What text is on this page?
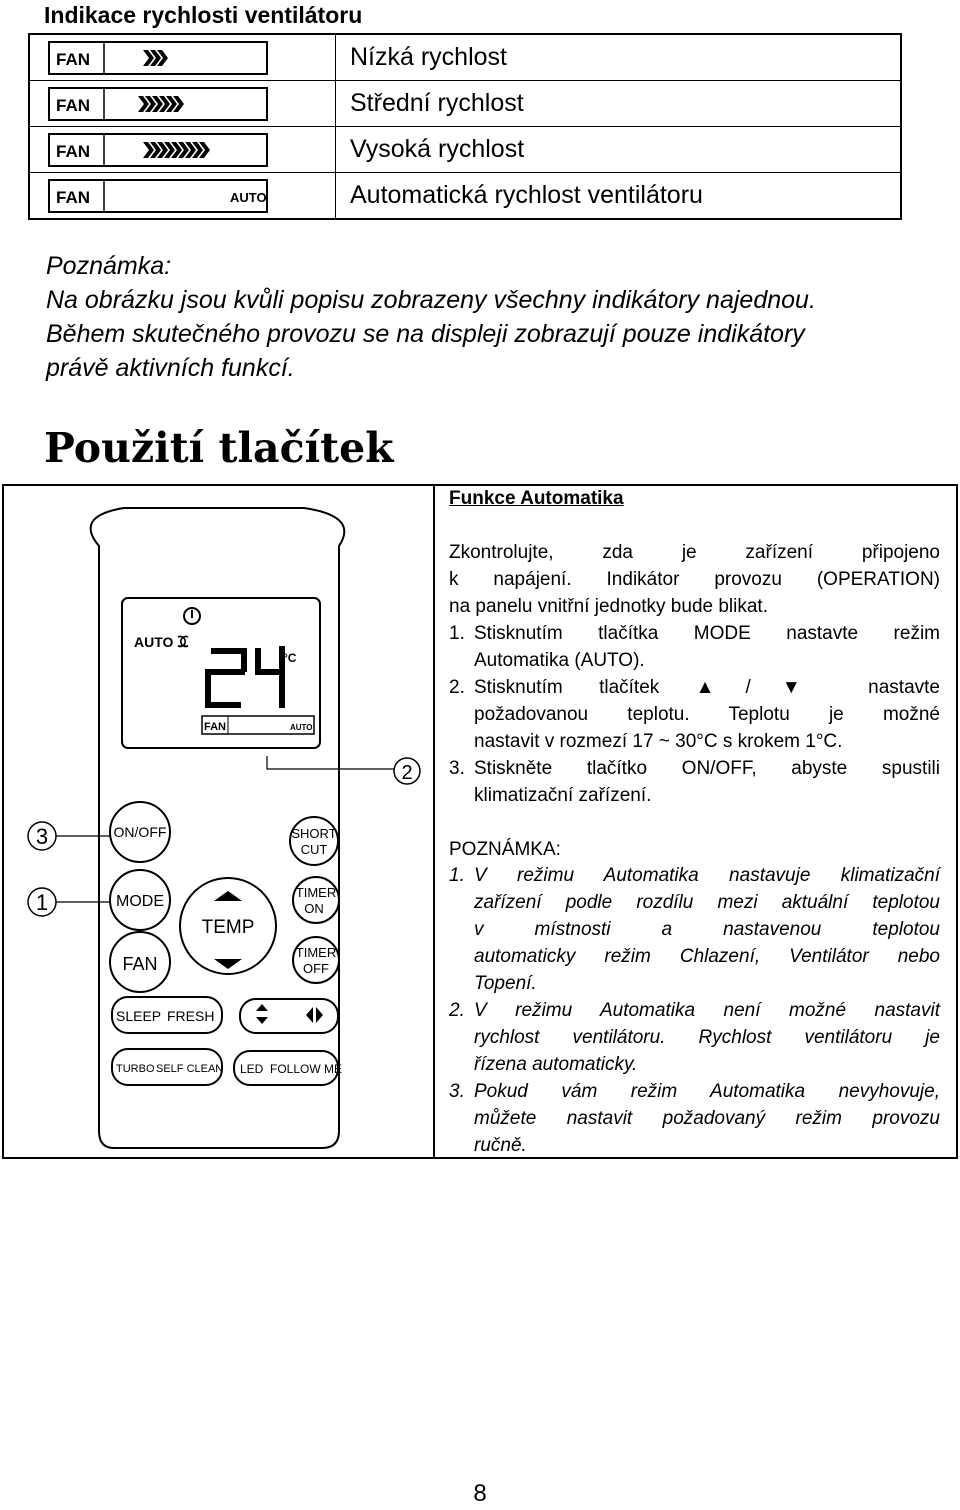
Indikace rychlosti ventilátoru
FAN	Nízká rychlost

FAN	Střední rychlost

FAN	Vysoká rychlost

FAN AUTO	Automatická rychlost ventilátoru
Poznámka:
Na obrázku jsou kvůli popisu zobrazeny všechny indikátory najednou.
Během skutečného provozu se na displeji zobrazují pouze indikátory
právě aktivních funkcí.
Použití tlačítek
AUTO
24
°C
FAN	AUTO
2
3
1
ON/OFF
MODE
FAN
TEMP
SHORT
CUT
TIMER
ON
TIMER
OFF
SLEEP FRESH
TURBO SELF CLEAN LED FOLLOW ME
Funkce Automatika
Zkontrolujte, zda je zařízení připojeno
k napájení. Indikátor provozu (OPERATION)
na panelu vnitřní jednotky bude blikat.
1. Stisknutím tlačítka MODE nastavte režim
Automatika (AUTO).
2. Stisknutím tlačítek ▲/▼ nastavte
požadovanou teplotu. Teplotu je možné
nastavit v rozmezí 17 ~ 30°C s krokem 1°C.
3. Stiskněte tlačítko ON/OFF, abyste spustili
klimatizační zařízení.
POZNÁMKA:
1. V režimu Automatika nastavuje klimatizační
zařízení podle rozdílu mezi aktuální teplotou
v místnosti a nastavenou teplotou
automaticky režim Chlazení, Ventilátor nebo
Topení.
2. V režimu Automatika není možné nastavit
rychlost ventilátoru. Rychlost ventilátoru je
řízena automaticky.
3. Pokud vám režim Automatika nevyhovuje,
můžete nastavit požadovaný režim provozu
ručně.
8
